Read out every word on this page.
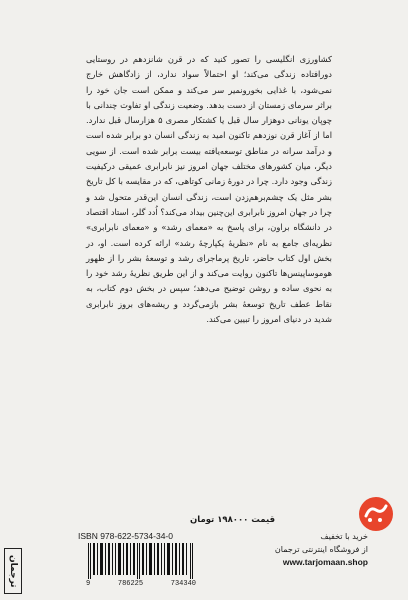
کشاورزی انگلیسی را تصور کنید که در قرن شانزدهم در روستایی دورافتاده زندگی می‌کند؛ او احتمالاً سواد ندارد، از زادگاهش خارج نمی‌شود، با غذایی بخورونمیر سر می‌کند و ممکن است جان خود را براثر سرمای زمستان از دست بدهد. وضعیت زندگی او تفاوت چندانی با چوپان یونانی دوهزار سال قبل یا کشتکار مصری ۵ هزارسال قبل ندارد. اما از آغاز قرن نوزدهم تاکنون امید به زندگی انسان دو برابر شده است و درآمد سرانه در مناطق توسعه‌یافته بیست برابر شده است. از سویی دیگر، میان کشورهای مختلف جهان امروز نیز نابرابری عمیقی درکیفیت زندگی وجود دارد. چرا در دورهٔ زمانی کوتاهی، که در مقایسه با کل تاریخ بشر مثل یک چشم‌برهم‌زدن است، زندگی انسان این‌قدر متحول شد و چرا در جهان امروز نابرابری این‌چنین بیداد می‌کند؟ اُدد گلر، استاد اقتصاد در دانشگاه براون، برای پاسخ به «معمای رشد» و «معمای نابرابری» نظریه‌ای جامع به نام «نظریهٔ یکپارچهٔ رشد» ارائه کرده است. او، در بخش اول کتاب حاضر، تاریخ پرماجرای رشد و توسعهٔ بشر را از ظهور هوموساپینس‌ها تاکنون روایت می‌کند و از این طریق نظریهٔ رشد خود را به نحوی ساده و روشن توضیح می‌دهد؛ سپس در بخش دوم کتاب، به نقاط عطف تاریخ توسعهٔ بشر بازمی‌گردد و ریشه‌های بروز نابرابری شدید در دنیای امروز را تبیین می‌کند.

قیمت ۱۹۸۰۰۰ تومان
ISBN 978-622-5734-34-0
9	786225	734340
خرید با تخفیف
از فروشگاه اینترنتی ترجمان
www.tarjomaan.shop
ترجمان
